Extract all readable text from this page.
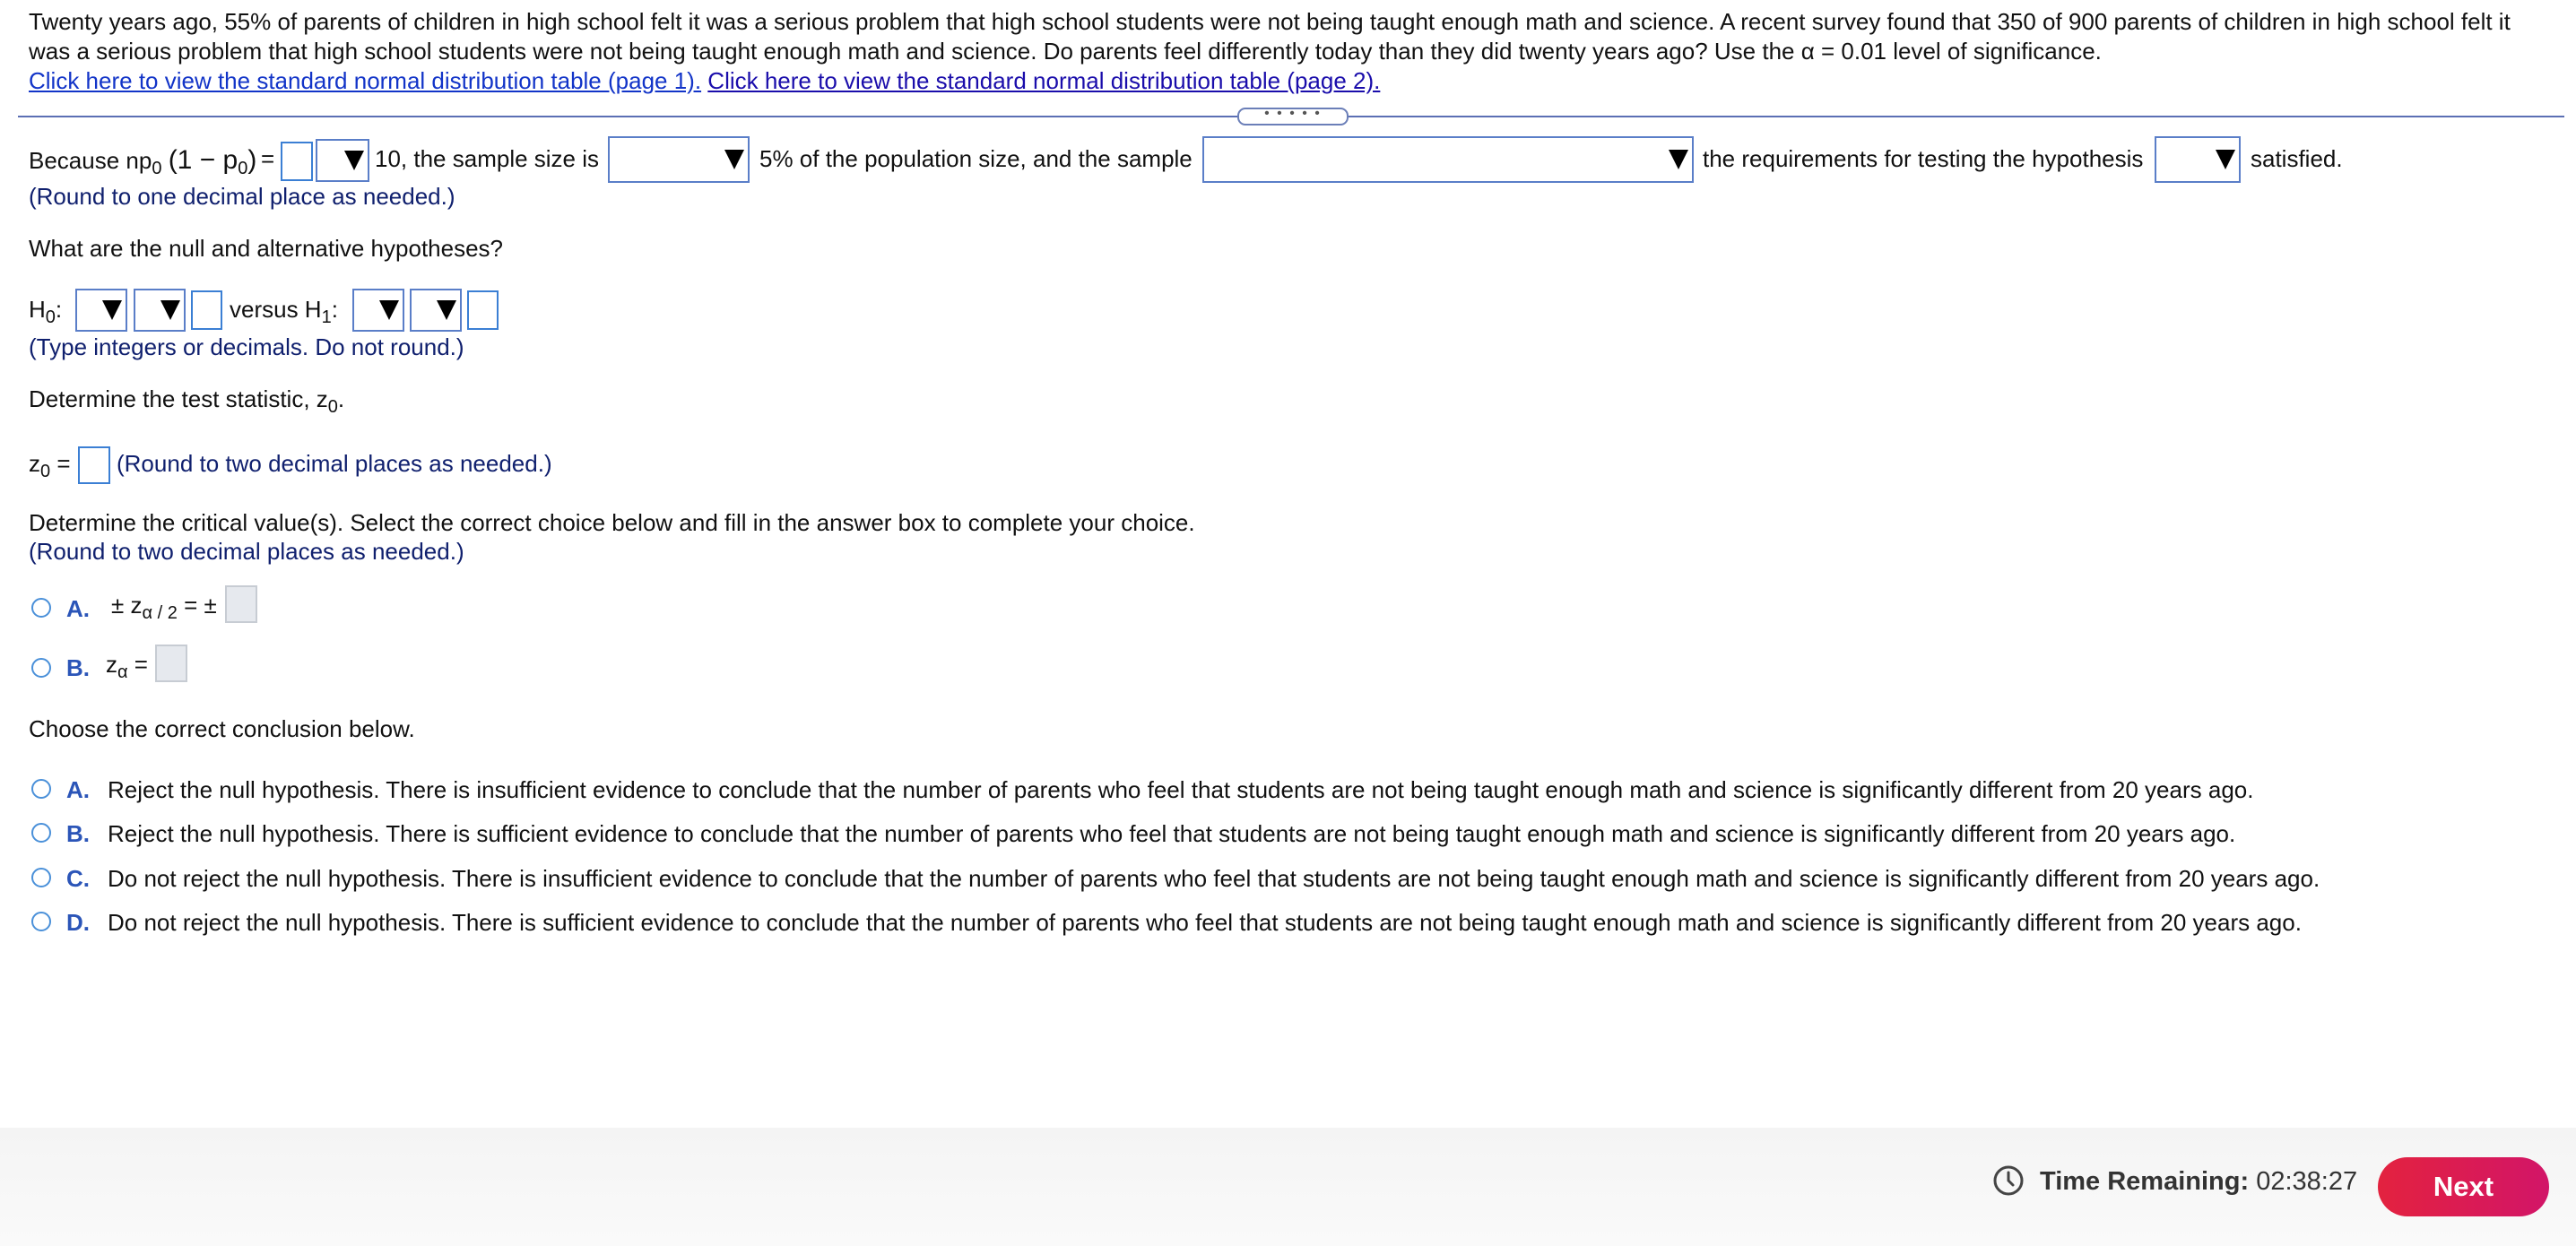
Twenty years ago, 55% of parents of children in high school felt it was a serious problem that high school students were not being taught enough math and science. A recent survey found that 350 of 900 parents of children in high school felt it was a serious problem that high school students were not being taught enough math and science. Do parents feel differently today than they did twenty years ago? Use the α = 0.01 level of significance.
Click here to view the standard normal distribution table (page 1). Click here to view the standard normal distribution table (page 2).
• • • • •
Because $np_0$ $(1 - p_0)$ =	10, the sample size is	5% of the population size, and the sample	the requirements for testing the hypothesis	satisfied.
(Round to one decimal place as needed.)
What are the null and alternative hypotheses?
$H_0$:	versus $H_1$:
(Type integers or decimals. Do not round.)
Determine the test statistic, $z_0$.
$z_0$ = (Round to two decimal places as needed.)
Determine the critical value(s). Select the correct choice below and fill in the answer box to complete your choice.
(Round to two decimal places as needed.)
A. ± $z_{\alpha / 2}$ = ±
B. $z_\alpha$ =
Choose the correct conclusion below.
A. Reject the null hypothesis. There is insufficient evidence to conclude that the number of parents who feel that students are not being taught enough math and science is significantly different from 20 years ago.
B. Reject the null hypothesis. There is sufficient evidence to conclude that the number of parents who feel that students are not being taught enough math and science is significantly different from 20 years ago.
C. Do not reject the null hypothesis. There is insufficient evidence to conclude that the number of parents who feel that students are not being taught enough math and science is significantly different from 20 years ago.
D. Do not reject the null hypothesis. There is sufficient evidence to conclude that the number of parents who feel that students are not being taught enough math and science is significantly different from 20 years ago.
Time Remaining: 02:38:27	Next
